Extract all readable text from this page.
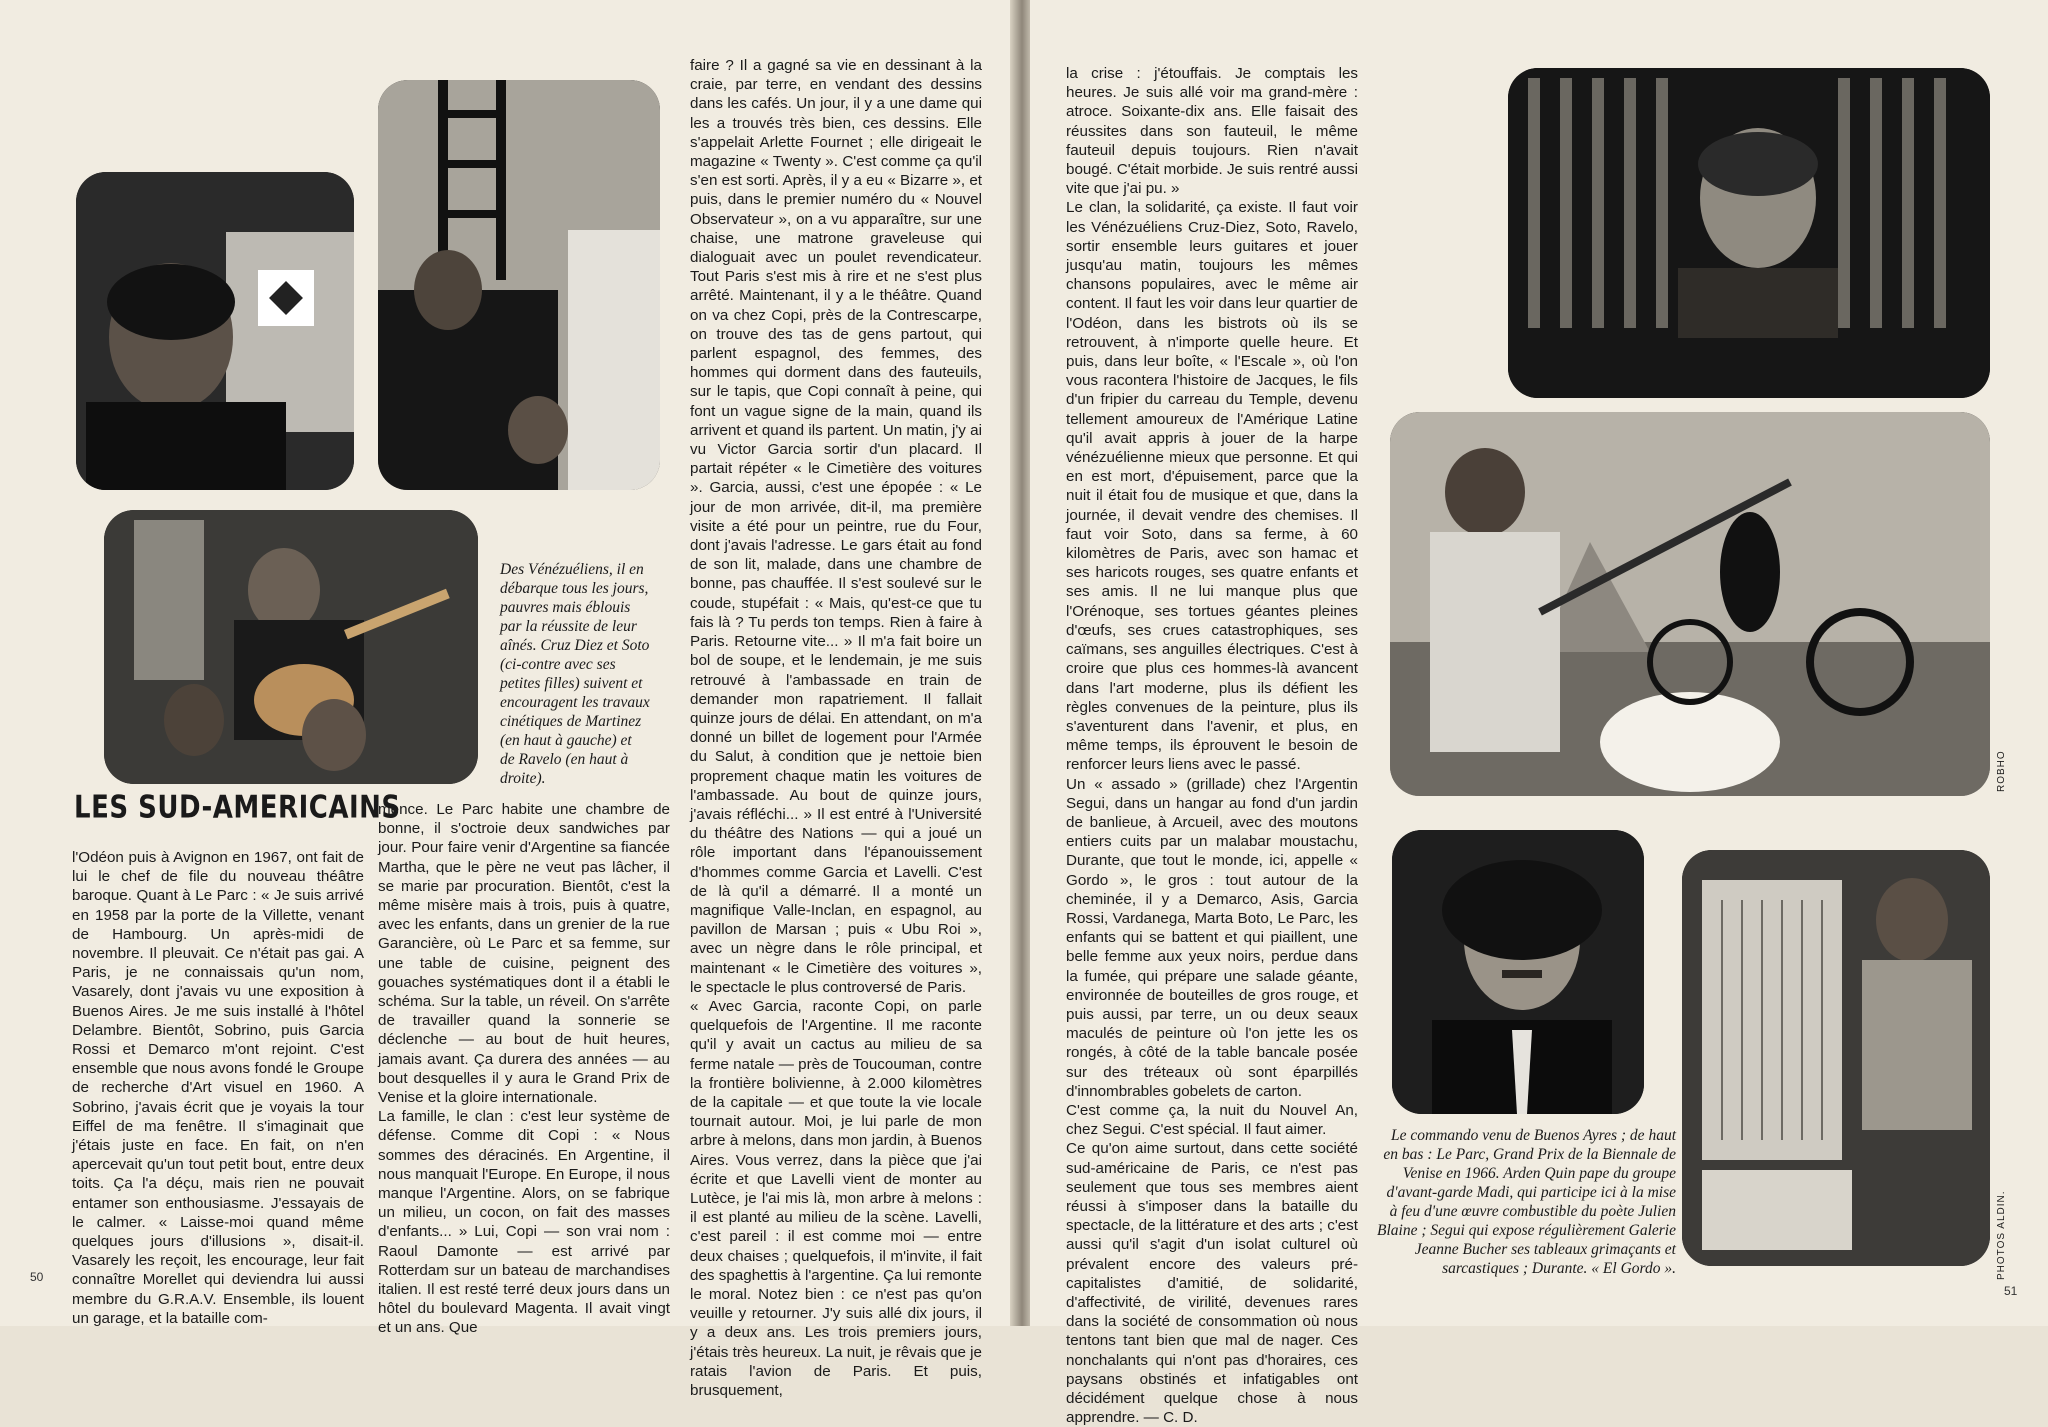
Des Vénézuéliens, il en débarque tous les jours, pauvres mais éblouis par la réussite de leur aînés. Cruz Diez et Soto (ci-contre avec ses petites filles) suivent et encouragent les travaux cinétiques de Martinez (en haut à gauche) et de Ravelo (en haut à droite).
LES SUD-AMERICAINS
l'Odéon puis à Avignon en 1967, ont fait de lui le chef de file du nouveau théâtre baroque. Quant à Le Parc : « Je suis arrivé en 1958 par la porte de la Villette, venant de Hambourg. Un après-midi de novembre. Il pleuvait. Ce n'était pas gai. A Paris, je ne connaissais qu'un nom, Vasarely, dont j'avais vu une exposition à Buenos Aires. Je me suis installé à l'hôtel Delambre. Bientôt, Sobrino, puis Garcia Rossi et Demarco m'ont rejoint. C'est ensemble que nous avons fondé le Groupe de recherche d'Art visuel en 1960. A Sobrino, j'avais écrit que je voyais la tour Eiffel de ma fenêtre. Il s'imaginait que j'étais juste en face. En fait, on n'en apercevait qu'un tout petit bout, entre deux toits. Ça l'a déçu, mais rien ne pouvait entamer son enthousiasme. J'essayais de le calmer. « Laisse-moi quand même quelques jours d'illusions », disait-il. Vasarely les reçoit, les encourage, leur fait connaître Morellet qui deviendra lui aussi membre du G.R.A.V. Ensemble, ils louent un garage, et la bataille com-
mence. Le Parc habite une chambre de bonne, il s'octroie deux sandwiches par jour. Pour faire venir d'Argentine sa fiancée Martha, que le père ne veut pas lâcher, il se marie par procuration. Bientôt, c'est la même misère mais à trois, puis à quatre, avec les enfants, dans un grenier de la rue Garancière, où Le Parc et sa femme, sur une table de cuisine, peignent des gouaches systématiques dont il a établi le schéma. Sur la table, un réveil. On s'arrête de travailler quand la sonnerie se déclenche — au bout de huit heures, jamais avant. Ça durera des années — au bout desquelles il y aura le Grand Prix de Venise et la gloire internationale.
La famille, le clan : c'est leur système de défense. Comme dit Copi : « Nous sommes des déracinés. En Argentine, il nous manquait l'Europe. En Europe, il nous manque l'Argentine. Alors, on se fabrique un milieu, un cocon, on fait des masses d'enfants... » Lui, Copi — son vrai nom : Raoul Damonte — est arrivé par Rotterdam sur un bateau de marchandises italien. Il est resté terré deux jours dans un hôtel du boulevard Magenta. Il avait vingt et un ans. Que
faire ? Il a gagné sa vie en dessinant à la craie, par terre, en vendant des dessins dans les cafés. Un jour, il y a une dame qui les a trouvés très bien, ces dessins. Elle s'appelait Arlette Fournet ; elle dirigeait le magazine « Twenty ». C'est comme ça qu'il s'en est sorti. Après, il y a eu « Bizarre », et puis, dans le premier numéro du « Nouvel Observateur », on a vu apparaître, sur une chaise, une matrone graveleuse qui dialoguait avec un poulet revendicateur. Tout Paris s'est mis à rire et ne s'est plus arrêté. Maintenant, il y a le théâtre. Quand on va chez Copi, près de la Contrescarpe, on trouve des tas de gens partout, qui parlent espagnol, des femmes, des hommes qui dorment dans des fauteuils, sur le tapis, que Copi connaît à peine, qui font un vague signe de la main, quand ils arrivent et quand ils partent. Un matin, j'y ai vu Victor Garcia sortir d'un placard. Il partait répéter « le Cimetière des voitures ». Garcia, aussi, c'est une épopée : « Le jour de mon arrivée, dit-il, ma première visite a été pour un peintre, rue du Four, dont j'avais l'adresse. Le gars était au fond de son lit, malade, dans une chambre de bonne, pas chauffée. Il s'est soulevé sur le coude, stupéfait : « Mais, qu'est-ce que tu fais là ? Tu perds ton temps. Rien à faire à Paris. Retourne vite... » Il m'a fait boire un bol de soupe, et le lendemain, je me suis retrouvé à l'ambassade en train de demander mon rapatriement. Il fallait quinze jours de délai. En attendant, on m'a donné un billet de logement pour l'Armée du Salut, à condition que je nettoie bien proprement chaque matin les voitures de l'ambassade. Au bout de quinze jours, j'avais réfléchi... » Il est entré à l'Université du théâtre des Nations — qui a joué un rôle important dans l'épanouissement d'hommes comme Garcia et Lavelli. C'est de là qu'il a démarré. Il a monté un magnifique Valle-Inclan, en espagnol, au pavillon de Marsan ; puis « Ubu Roi », avec un nègre dans le rôle principal, et maintenant « le Cimetière des voitures », le spectacle le plus controversé de Paris.
« Avec Garcia, raconte Copi, on parle quelquefois de l'Argentine. Il me raconte qu'il y avait un cactus au milieu de sa ferme natale — près de Toucouman, contre la frontière bolivienne, à 2.000 kilomètres de la capitale — et que toute la vie locale tournait autour. Moi, je lui parle de mon arbre à melons, dans mon jardin, à Buenos Aires. Vous verrez, dans la pièce que j'ai écrite et que Lavelli vient de monter au Lutèce, je l'ai mis là, mon arbre à melons : il est planté au milieu de la scène. Lavelli, c'est pareil : il est comme moi — entre deux chaises ; quelquefois, il m'invite, il fait des spaghettis à l'argentine. Ça lui remonte le moral. Notez bien : ce n'est pas qu'on veuille y retourner. J'y suis allé dix jours, il y a deux ans. Les trois premiers jours, j'étais très heureux. La nuit, je rêvais que je ratais l'avion de Paris. Et puis, brusquement,
50
la crise : j'étouffais. Je comptais les heures. Je suis allé voir ma grand-mère : atroce. Soixante-dix ans. Elle faisait des réussites dans son fauteuil, le même fauteuil depuis toujours. Rien n'avait bougé. C'était morbide. Je suis rentré aussi vite que j'ai pu. »
Le clan, la solidarité, ça existe. Il faut voir les Vénézuéliens Cruz-Diez, Soto, Ravelo, sortir ensemble leurs guitares et jouer jusqu'au matin, toujours les mêmes chansons populaires, avec le même air content. Il faut les voir dans leur quartier de l'Odéon, dans les bistrots où ils se retrouvent, à n'importe quelle heure. Et puis, dans leur boîte, « l'Escale », où l'on vous racontera l'histoire de Jacques, le fils d'un fripier du carreau du Temple, devenu tellement amoureux de l'Amérique Latine qu'il avait appris à jouer de la harpe vénézuélienne mieux que personne. Et qui en est mort, d'épuisement, parce que la nuit il était fou de musique et que, dans la journée, il devait vendre des chemises. Il faut voir Soto, dans sa ferme, à 60 kilomètres de Paris, avec son hamac et ses haricots rouges, ses quatre enfants et ses amis. Il ne lui manque plus que l'Orénoque, ses tortues géantes pleines d'œufs, ses crues catastrophiques, ses caïmans, ses anguilles électriques. C'est à croire que plus ces hommes-là avancent dans l'art moderne, plus ils défient les règles convenues de la peinture, plus ils s'aventurent dans l'avenir, et plus, en même temps, ils éprouvent le besoin de renforcer leurs liens avec le passé.
Un « assado » (grillade) chez l'Argentin Segui, dans un hangar au fond d'un jardin de banlieue, à Arcueil, avec des moutons entiers cuits par un malabar moustachu, Durante, que tout le monde, ici, appelle « Gordo », le gros : tout autour de la cheminée, il y a Demarco, Asis, Garcia Rossi, Vardanega, Marta Boto, Le Parc, les enfants qui se battent et qui piaillent, une belle femme aux yeux noirs, perdue dans la fumée, qui prépare une salade géante, environnée de bouteilles de gros rouge, et puis aussi, par terre, un ou deux seaux maculés de peinture où l'on jette les os rongés, à côté de la table bancale posée sur des tréteaux où sont éparpillés d'innombrables gobelets de carton.
C'est comme ça, la nuit du Nouvel An, chez Segui. C'est spécial. Il faut aimer.
Ce qu'on aime surtout, dans cette société sud-américaine de Paris, ce n'est pas seulement que tous ses membres aient réussi à s'imposer dans la bataille du spectacle, de la littérature et des arts ; c'est aussi qu'il s'agit d'un isolat culturel où prévalent encore des valeurs pré-capitalistes d'amitié, de solidarité, d'affectivité, de virilité, devenues rares dans la société de consommation où nous tentons tant bien que mal de nager. Ces nonchalants qui n'ont pas d'horaires, ces paysans obstinés et infatigables ont décidément quelque chose à nous apprendre. — C. D.
ROBHO
Le commando venu de Buenos Ayres ; de haut en bas : Le Parc, Grand Prix de la Biennale de Venise en 1966. Arden Quin pape du groupe d'avant-garde Madi, qui participe ici à la mise à feu d'une œuvre combustible du poète Julien Blaine ; Segui qui expose régulièrement Galerie Jeanne Bucher ses tableaux grimaçants et sarcastiques ; Durante. « El Gordo ».	PHOTOS ALDIN.
51
